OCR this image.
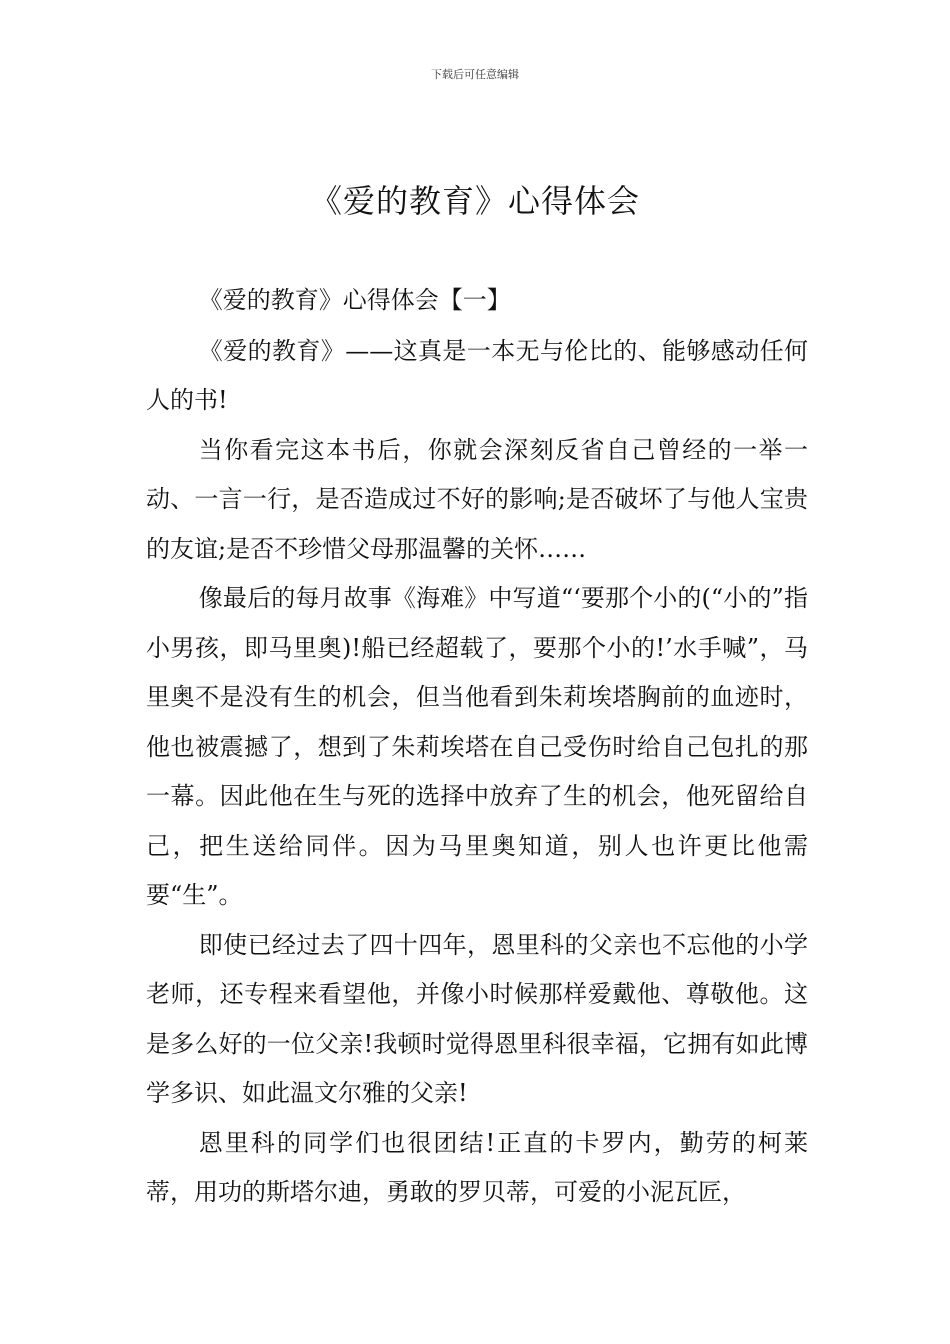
下载后可任意编辑
《爱的教育》心得体会

《爱的教育》心得体会【一】

《爱的教育》——这真是一本无与伦比的、能够感动任何人的书!

当你看完这本书后，你就会深刻反省自己曾经的一举一动、一言一行，是否造成过不好的影响;是否破坏了与他人宝贵的友谊;是否不珍惜父母那温馨的关怀……

像最后的每月故事《海难》中写道“‘要那个小的(“小的”指小男孩，即马里奥)!船已经超载了，要那个小的!’水手喊”，马里奥不是没有生的机会，但当他看到朱莉埃塔胸前的血迹时，他也被震撼了，想到了朱莉埃塔在自己受伤时给自己包扎的那一幕。因此他在生与死的选择中放弃了生的机会，他死留给自己，把生送给同伴。因为马里奥知道，别人也许更比他需要“生”。

即使已经过去了四十四年，恩里科的父亲也不忘他的小学老师，还专程来看望他，并像小时候那样爱戴他、尊敬他。这是多么好的一位父亲!我顿时觉得恩里科很幸福，它拥有如此博学多识、如此温文尔雅的父亲!

恩里科的同学们也很团结!正直的卡罗内，勤劳的柯莱蒂，用功的斯塔尔迪，勇敢的罗贝蒂，可爱的小泥瓦匠，
